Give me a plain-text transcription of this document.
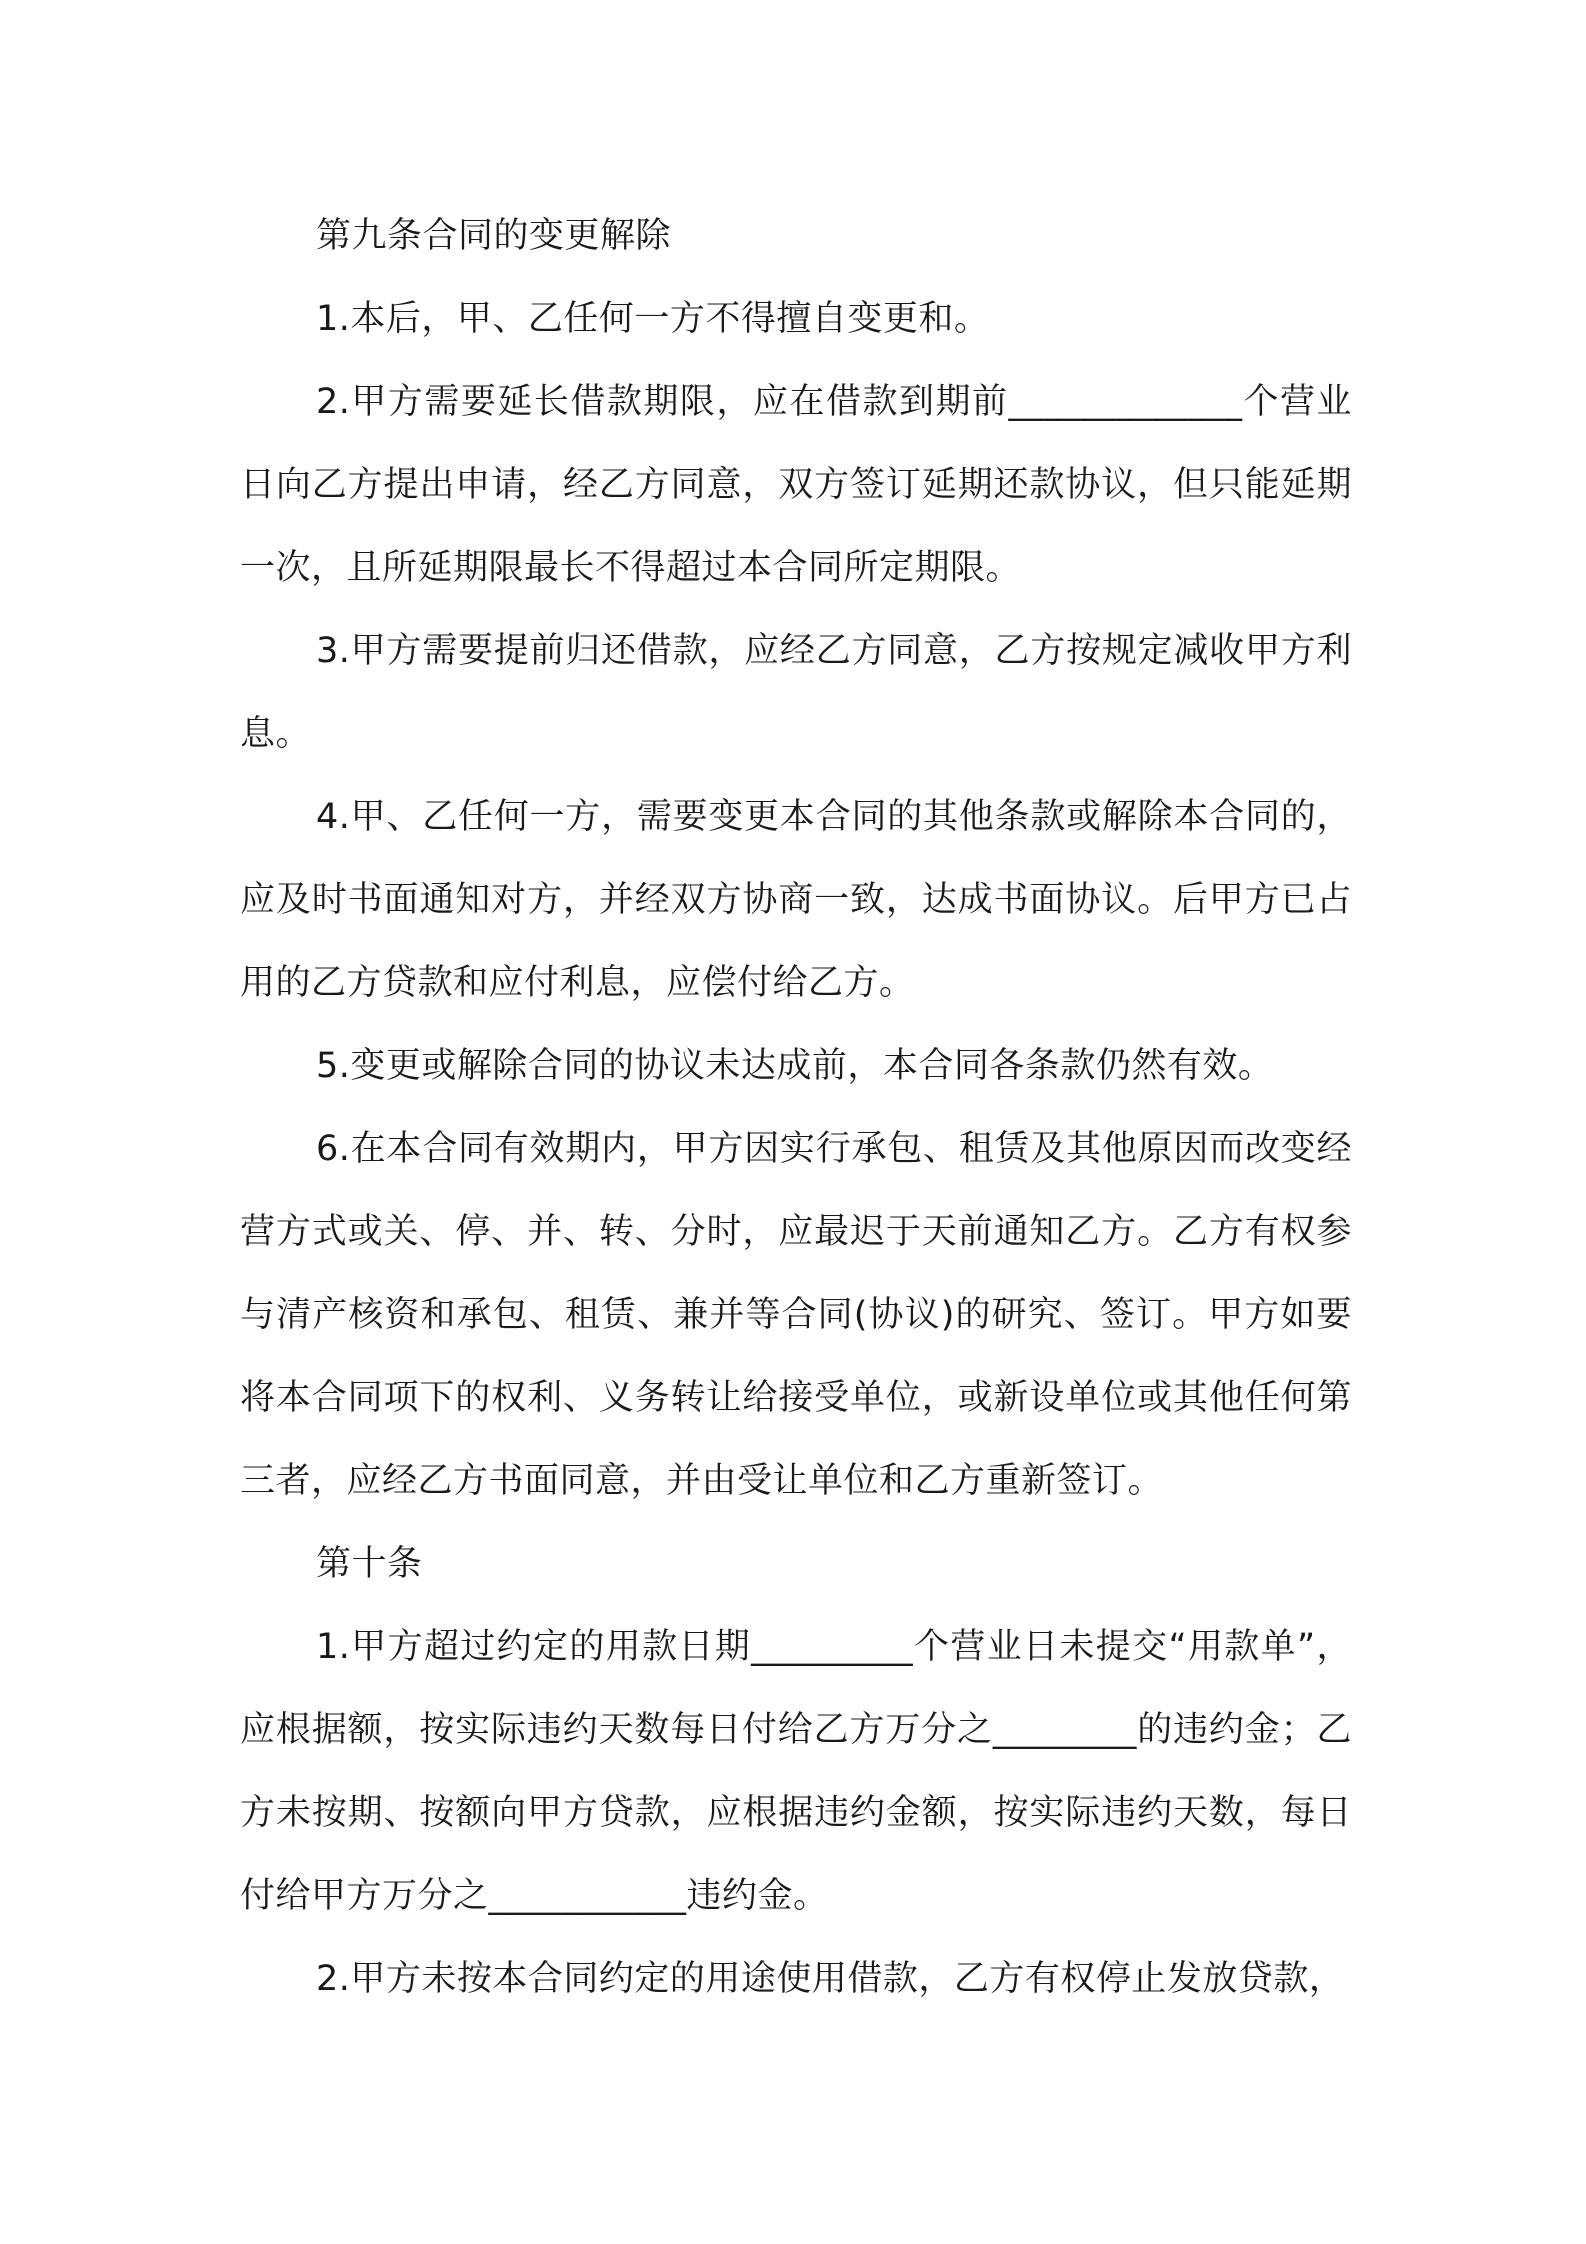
第九条合同的变更解除

1.本后，甲、乙任何一方不得擅自变更和。

2.甲方需要延长借款期限，应在借款到期前_____________个营业日向乙方提出申请，经乙方同意，双方签订延期还款协议，但只能延期一次，且所延期限最长不得超过本合同所定期限。

3.甲方需要提前归还借款，应经乙方同意，乙方按规定减收甲方利息。

4.甲、乙任何一方，需要变更本合同的其他条款或解除本合同的，应及时书面通知对方，并经双方协商一致，达成书面协议。后甲方已占用的乙方贷款和应付利息，应偿付给乙方。

5.变更或解除合同的协议未达成前，本合同各条款仍然有效。

6.在本合同有效期内，甲方因实行承包、租赁及其他原因而改变经营方式或关、停、并、转、分时，应最迟于天前通知乙方。乙方有权参与清产核资和承包、租赁、兼并等合同(协议)的研究、签订。甲方如要将本合同项下的权利、义务转让给接受单位，或新设单位或其他任何第三者，应经乙方书面同意，并由受让单位和乙方重新签订。

第十条

1.甲方超过约定的用款日期_________个营业日未提交“用款单”，应根据额，按实际违约天数每日付给乙方万分之________的违约金；乙方未按期、按额向甲方贷款，应根据违约金额，按实际违约天数，每日付给甲方万分之___________违约金。

2.甲方未按本合同约定的用途使用借款，乙方有权停止发放贷款，
